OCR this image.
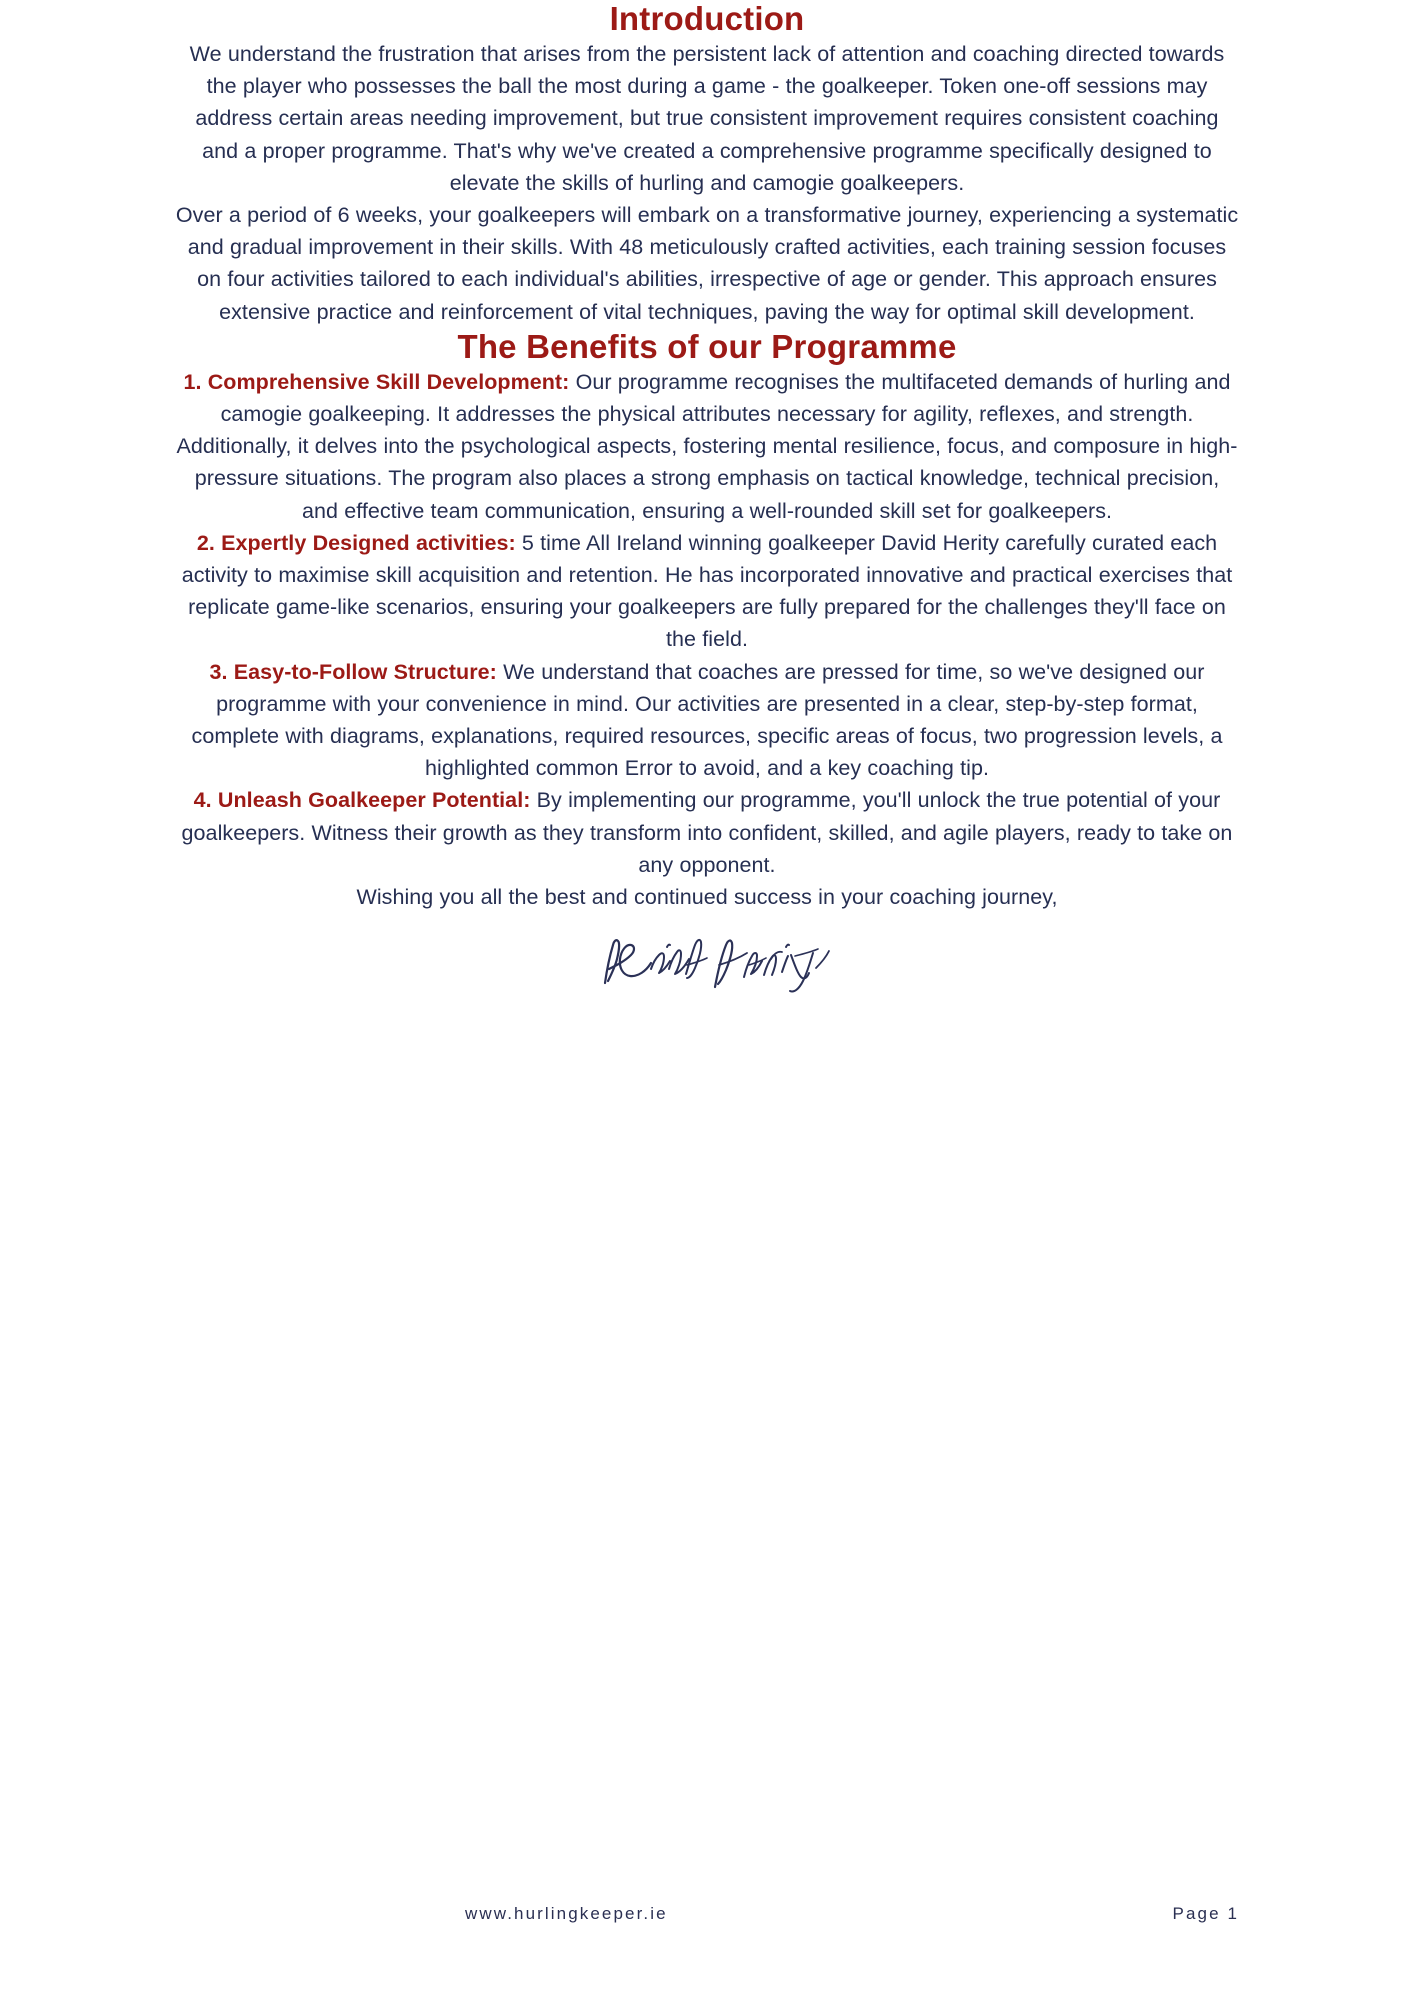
Introduction

We understand the frustration that arises from the persistent lack of attention and coaching directed towards the player who possesses the ball the most during a game - the goalkeeper. Token one-off sessions may address certain areas needing improvement, but true consistent improvement requires consistent coaching and a proper programme. That's why we've created a comprehensive programme specifically designed to elevate the skills of hurling and camogie goalkeepers.

Over a period of 6 weeks, your goalkeepers will embark on a transformative journey, experiencing a systematic and gradual improvement in their skills. With 48 meticulously crafted activities, each training session focuses on four activities tailored to each individual's abilities, irrespective of age or gender. This approach ensures extensive practice and reinforcement of vital techniques, paving the way for optimal skill development.

The Benefits of our Programme

1. Comprehensive Skill Development: Our programme recognises the multifaceted demands of hurling and camogie goalkeeping. It addresses the physical attributes necessary for agility, reflexes, and strength. Additionally, it delves into the psychological aspects, fostering mental resilience, focus, and composure in high-pressure situations. The program also places a strong emphasis on tactical knowledge, technical precision, and effective team communication, ensuring a well-rounded skill set for goalkeepers.

2. Expertly Designed activities: 5 time All Ireland winning goalkeeper David Herity carefully curated each activity to maximise skill acquisition and retention. He has incorporated innovative and practical exercises that replicate game-like scenarios, ensuring your goalkeepers are fully prepared for the challenges they'll face on the field.

3. Easy-to-Follow Structure: We understand that coaches are pressed for time, so we've designed our programme with your convenience in mind. Our activities are presented in a clear, step-by-step format, complete with diagrams, explanations, required resources, specific areas of focus, two progression levels, a highlighted common Error to avoid, and a key coaching tip.

4. Unleash Goalkeeper Potential: By implementing our programme, you'll unlock the true potential of your goalkeepers. Witness their growth as they transform into confident, skilled, and agile players, ready to take on any opponent.

Wishing you all the best and continued success in your coaching journey,

www.hurlingkeeper.ie	Page 1
